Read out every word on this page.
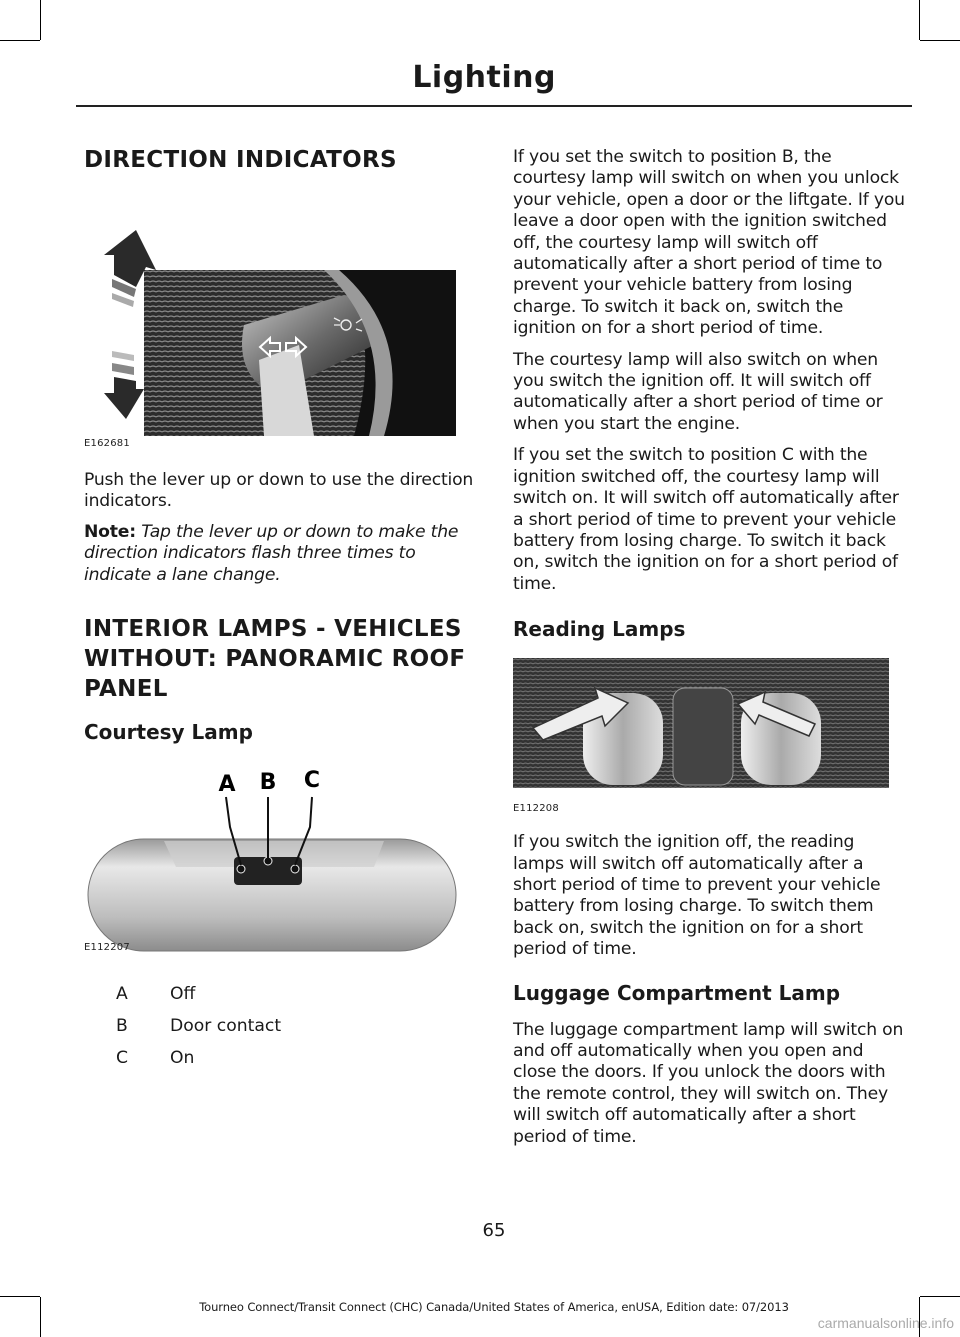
Lighting
DIRECTION INDICATORS
E162681

Push the lever up or down to use the direction indicators.

Note: Tap the lever up or down to make the direction indicators flash three times to indicate a lane change.

INTERIOR LAMPS - VEHICLES
WITHOUT: PANORAMIC ROOF
PANEL
Courtesy Lamp
A B C
E112207
A Off
B Door contact
C On

If you set the switch to position B, the courtesy lamp will switch on when you unlock your vehicle, open a door or the liftgate. If you leave a door open with the ignition switched off, the courtesy lamp will switch off automatically after a short period of time to prevent your vehicle battery from losing charge. To switch it back on, switch the ignition on for a short period of time.

The courtesy lamp will also switch on when you switch the ignition off. It will switch off automatically after a short period of time or when you start the engine.

If you set the switch to position C with the ignition switched off, the courtesy lamp will switch on. It will switch off automatically after a short period of time to prevent your vehicle battery from losing charge. To switch it back on, switch the ignition on for a short period of time.

Reading Lamps
E112208

If you switch the ignition off, the reading lamps will switch off automatically after a short period of time to prevent your vehicle battery from losing charge. To switch them back on, switch the ignition on for a short period of time.

Luggage Compartment Lamp

The luggage compartment lamp will switch on and off automatically when you open and close the doors. If you unlock the doors with the remote control, they will switch on. They will switch off automatically after a short period of time.

65
Tourneo Connect/Transit Connect (CHC) Canada/United States of America, enUSA, Edition date: 07/2013
carmanualsonline.info
